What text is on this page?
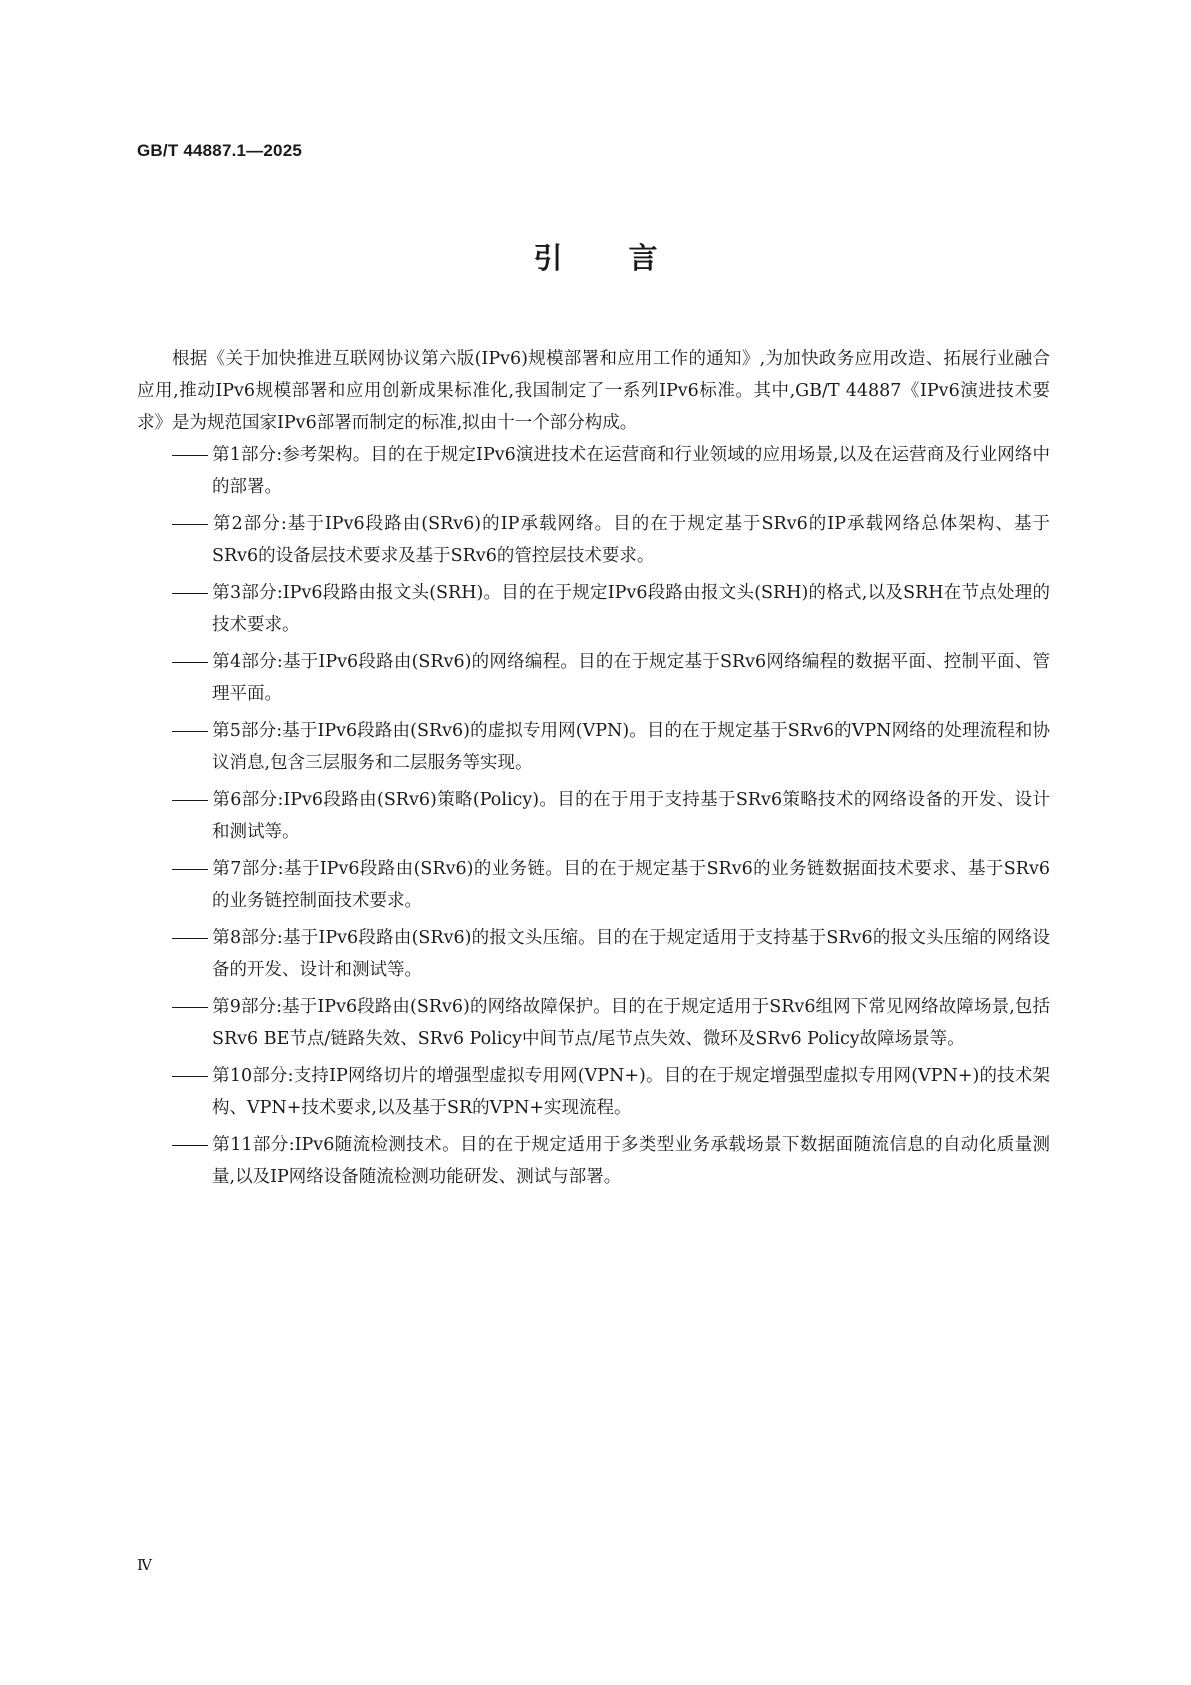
GB/T 44887.1—2025
引言

根据《关于加快推进互联网协议第六版(IPv6)规模部署和应用工作的通知》,为加快政务应用改造、拓展行业融合应用,推动IPv6规模部署和应用创新成果标准化,我国制定了一系列IPv6标准。其中,GB/T 44887《IPv6演进技术要求》是为规范国家IPv6部署而制定的标准,拟由十一个部分构成。

第1部分:参考架构。目的在于规定IPv6演进技术在运营商和行业领域的应用场景,以及在运营商及行业网络中的部署。
第2部分:基于IPv6段路由(SRv6)的IP承载网络。目的在于规定基于SRv6的IP承载网络总体架构、基于SRv6的设备层技术要求及基于SRv6的管控层技术要求。
第3部分:IPv6段路由报文头(SRH)。目的在于规定IPv6段路由报文头(SRH)的格式,以及SRH在节点处理的技术要求。
第4部分:基于IPv6段路由(SRv6)的网络编程。目的在于规定基于SRv6网络编程的数据平面、控制平面、管理平面。
第5部分:基于IPv6段路由(SRv6)的虚拟专用网(VPN)。目的在于规定基于SRv6的VPN网络的处理流程和协议消息,包含三层服务和二层服务等实现。
第6部分:IPv6段路由(SRv6)策略(Policy)。目的在于用于支持基于SRv6策略技术的网络设备的开发、设计和测试等。
第7部分:基于IPv6段路由(SRv6)的业务链。目的在于规定基于SRv6的业务链数据面技术要求、基于SRv6的业务链控制面技术要求。
第8部分:基于IPv6段路由(SRv6)的报文头压缩。目的在于规定适用于支持基于SRv6的报文头压缩的网络设备的开发、设计和测试等。
第9部分:基于IPv6段路由(SRv6)的网络故障保护。目的在于规定适用于SRv6组网下常见网络故障场景,包括SRv6 BE节点/链路失效、SRv6 Policy中间节点/尾节点失效、微环及SRv6 Policy故障场景等。
第10部分:支持IP网络切片的增强型虚拟专用网(VPN+)。目的在于规定增强型虚拟专用网(VPN+)的技术架构、VPN+技术要求,以及基于SR的VPN+实现流程。
第11部分:IPv6随流检测技术。目的在于规定适用于多类型业务承载场景下数据面随流信息的自动化质量测量,以及IP网络设备随流检测功能研发、测试与部署。
Ⅳ
